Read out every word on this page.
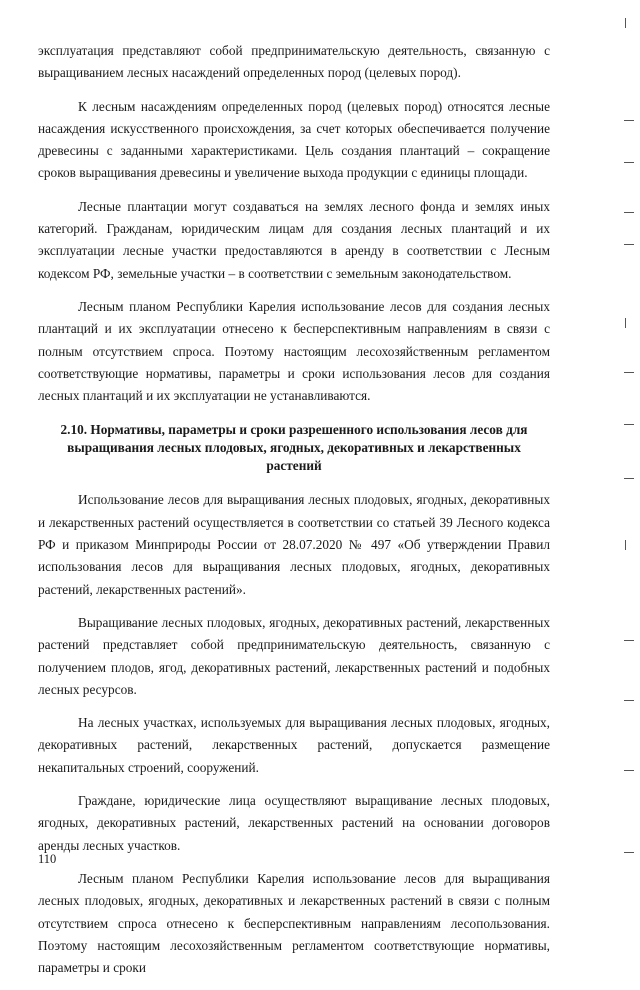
эксплуатация представляют собой предпринимательскую деятельность, связанную с выращиванием лесных насаждений определенных пород (целевых пород).

К лесным насаждениям определенных пород (целевых пород) относятся лесные насаждения искусственного происхождения, за счет которых обеспечивается получение древесины с заданными характеристиками. Цель создания плантаций – сокращение сроков выращивания древесины и увеличение выхода продукции с единицы площади.

Лесные плантации могут создаваться на землях лесного фонда и землях иных категорий. Гражданам, юридическим лицам для создания лесных плантаций и их эксплуатации лесные участки предоставляются в аренду в соответствии с Лесным кодексом РФ, земельные участки – в соответствии с земельным законодательством.

Лесным планом Республики Карелия использование лесов для создания лесных плантаций и их эксплуатации отнесено к бесперспективным направлениям в связи с полным отсутствием спроса. Поэтому настоящим лесохозяйственным регламентом соответствующие нормативы, параметры и сроки использования лесов для создания лесных плантаций и их эксплуатации не устанавливаются.

2.10. Нормативы, параметры и сроки разрешенного использования лесов для выращивания лесных плодовых, ягодных, декоративных и лекарственных растений

Использование лесов для выращивания лесных плодовых, ягодных, декоративных и лекарственных растений осуществляется в соответствии со статьей 39 Лесного кодекса РФ и приказом Минприроды России от 28.07.2020 № 497 «Об утверждении Правил использования лесов для выращивания лесных плодовых, ягодных, декоративных растений, лекарственных растений».

Выращивание лесных плодовых, ягодных, декоративных растений, лекарственных растений представляет собой предпринимательскую деятельность, связанную с получением плодов, ягод, декоративных растений, лекарственных растений и подобных лесных ресурсов.

На лесных участках, используемых для выращивания лесных плодовых, ягодных, декоративных растений, лекарственных растений, допускается размещение некапитальных строений, сооружений.

Граждане, юридические лица осуществляют выращивание лесных плодовых, ягодных, декоративных растений, лекарственных растений на основании договоров аренды лесных участков.

Лесным планом Республики Карелия использование лесов для выращивания лесных плодовых, ягодных, декоративных и лекарственных растений в связи с полным отсутствием спроса отнесено к бесперспективным направлениям лесопользования. Поэтому настоящим лесохозяйственным регламентом соответствующие нормативы, параметры и сроки

110
